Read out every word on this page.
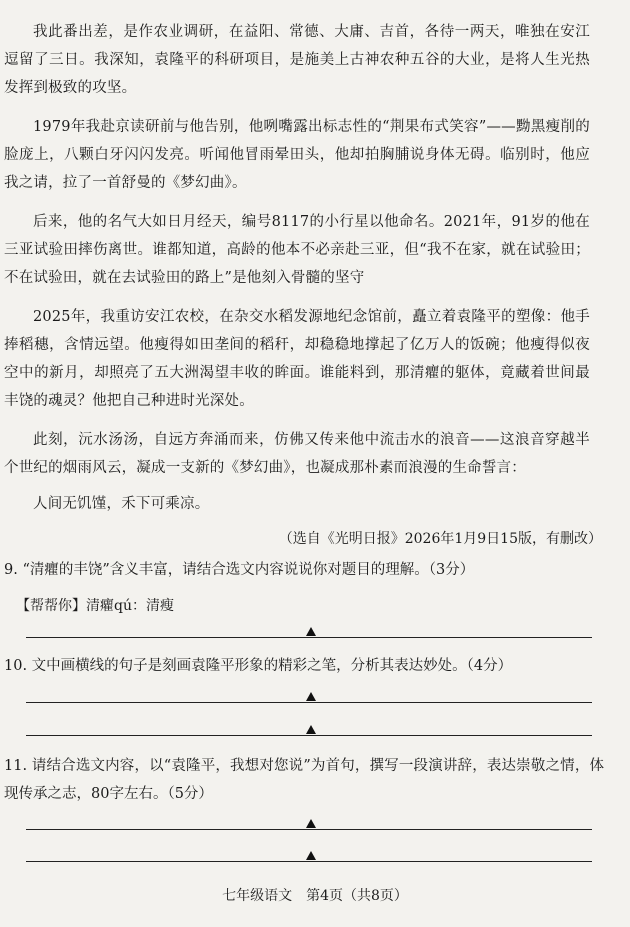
我此番出差，是作农业调研，在益阳、常德、大庸、吉首，各待一两天，唯独在安江逗留了三日。我深知，袁隆平的科研项目，是施美上古神农种五谷的大业，是将人生光热发挥到极致的攻坚。

1979年我赴京读研前与他告别，他咧嘴露出标志性的“荆果布式笑容”——黝黑瘦削的脸庞上，八颗白牙闪闪发亮。听闻他冒雨晕田头，他却拍胸脯说身体无碍。临别时，他应我之请，拉了一首舒曼的《梦幻曲》。

后来，他的名气大如日月经天，编号8117的小行星以他命名。2021年，91岁的他在三亚试验田摔伤离世。谁都知道，高龄的他本不必亲赴三亚，但“我不在家，就在试验田；不在试验田，就在去试验田的路上”是他刻入骨髓的坚守

2025年，我重访安江农校，在杂交水稻发源地纪念馆前，矗立着袁隆平的塑像：他手捧稻穗，含情远望。他瘦得如田垄间的稻秆，却稳稳地撑起了亿万人的饭碗；他瘦得似夜空中的新月，却照亮了五大洲渴望丰收的眸面。谁能料到，那清癯的躯体，竟藏着世间最丰饶的魂灵？他把自己种进时光深处。

此刻，沅水汤汤，自远方奔涌而来，仿佛又传来他中流击水的浪音——这浪音穿越半个世纪的烟雨风云，凝成一支新的《梦幻曲》，也凝成那朴素而浪漫的生命誓言：

人间无饥馑，禾下可乘凉。

（选自《光明日报》2026年1月9日15版，有删改）
9. “清癯的丰饶”含义丰富，请结合选文内容说说你对题目的理解。（3分）
【帮帮你】清癯qú：清瘦
10. 文中画横线的句子是刻画袁隆平形象的精彩之笔，分析其表达妙处。（4分）
11. 请结合选文内容，以“袁隆平，我想对您说”为首句，撰写一段演讲辞，表达崇敬之情，体现传承之志，80字左右。（5分）
七年级语文　第4页（共8页）
